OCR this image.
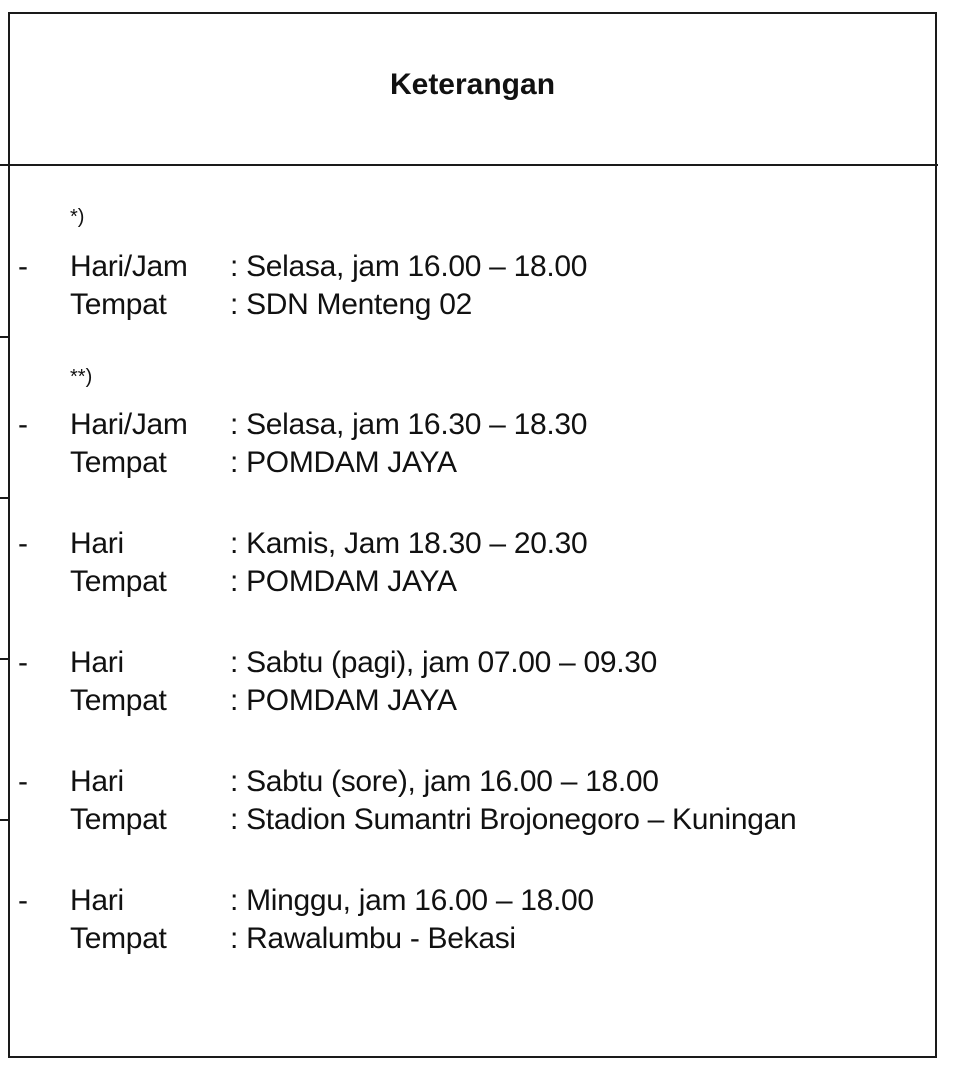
Keterangan
*)
- Hari/Jam : Selasa, jam 16.00 – 18.00
Tempat : SDN Menteng 02
**)
- Hari/Jam : Selasa, jam 16.30 – 18.30
Tempat : POMDAM JAYA
- Hari	: Kamis, Jam 18.30 – 20.30
Tempat : POMDAM JAYA
- Hari	: Sabtu (pagi), jam 07.00 – 09.30
Tempat : POMDAM JAYA
- Hari	: Sabtu (sore), jam 16.00 – 18.00
Tempat : Stadion Sumantri Brojonegoro – Kuningan
- Hari	: Minggu, jam 16.00 – 18.00
Tempat : Rawalumbu - Bekasi
